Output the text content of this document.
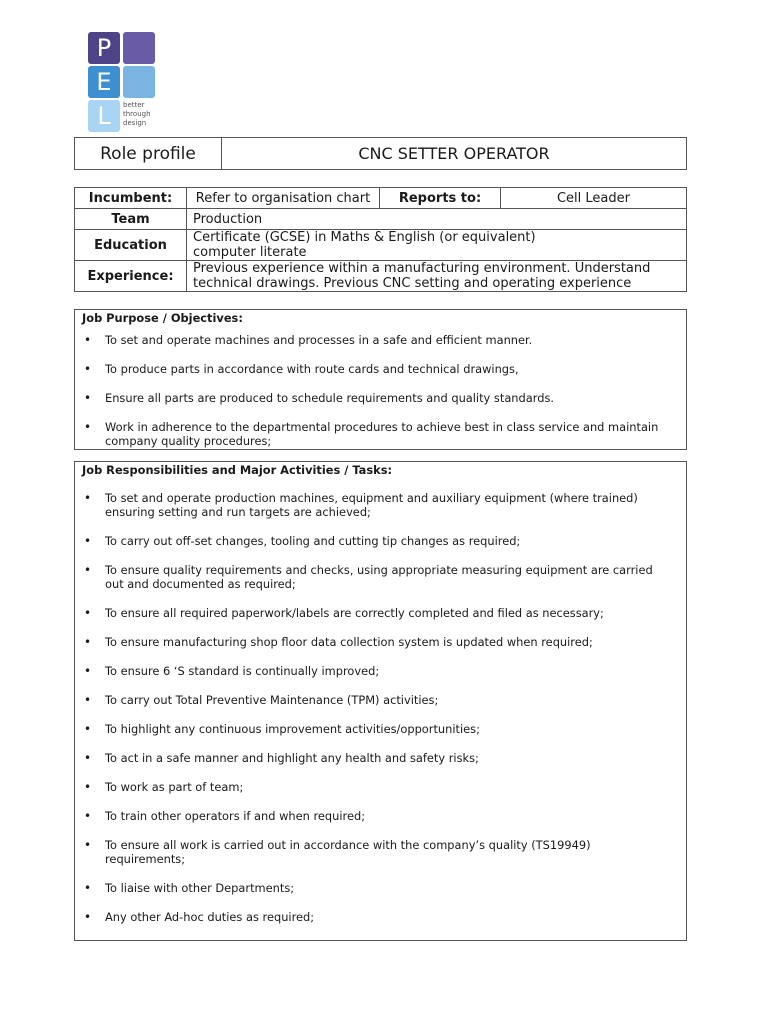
P
E
L	better
through
design
Role profile	CNC SETTER OPERATOR
Incumbent:	Refer to organisation chart	Reports to:	Cell Leader
Team	Production		
Education	Certificate (GCSE) in Maths & English (or equivalent)
computer literate		

Experience:	Previous experience within a manufacturing environment. Understand
technical drawings. Previous CNC setting and operating experience		
Job Purpose / Objectives:
• To set and operate machines and processes in a safe and efficient manner.
• To produce parts in accordance with route cards and technical drawings,
• Ensure all parts are produced to schedule requirements and quality standards.
• Work in adherence to the departmental procedures to achieve best in class service and maintain company quality procedures;
Job Responsibilities and Major Activities / Tasks:
• To set and operate production machines, equipment and auxiliary equipment (where trained) ensuring setting and run targets are achieved;
• To carry out off-set changes, tooling and cutting tip changes as required;
• To ensure quality requirements and checks, using appropriate measuring equipment are carried out and documented as required;
• To ensure all required paperwork/labels are correctly completed and filed as necessary;
• To ensure manufacturing shop floor data collection system is updated when required;
• To ensure 6 ‘S standard is continually improved;
• To carry out Total Preventive Maintenance (TPM) activities;
• To highlight any continuous improvement activities/opportunities;
• To act in a safe manner and highlight any health and safety risks;
• To work as part of team;
• To train other operators if and when required;
• To ensure all work is carried out in accordance with the company’s quality (TS19949) requirements;
• To liaise with other Departments;
• Any other Ad-hoc duties as required;
